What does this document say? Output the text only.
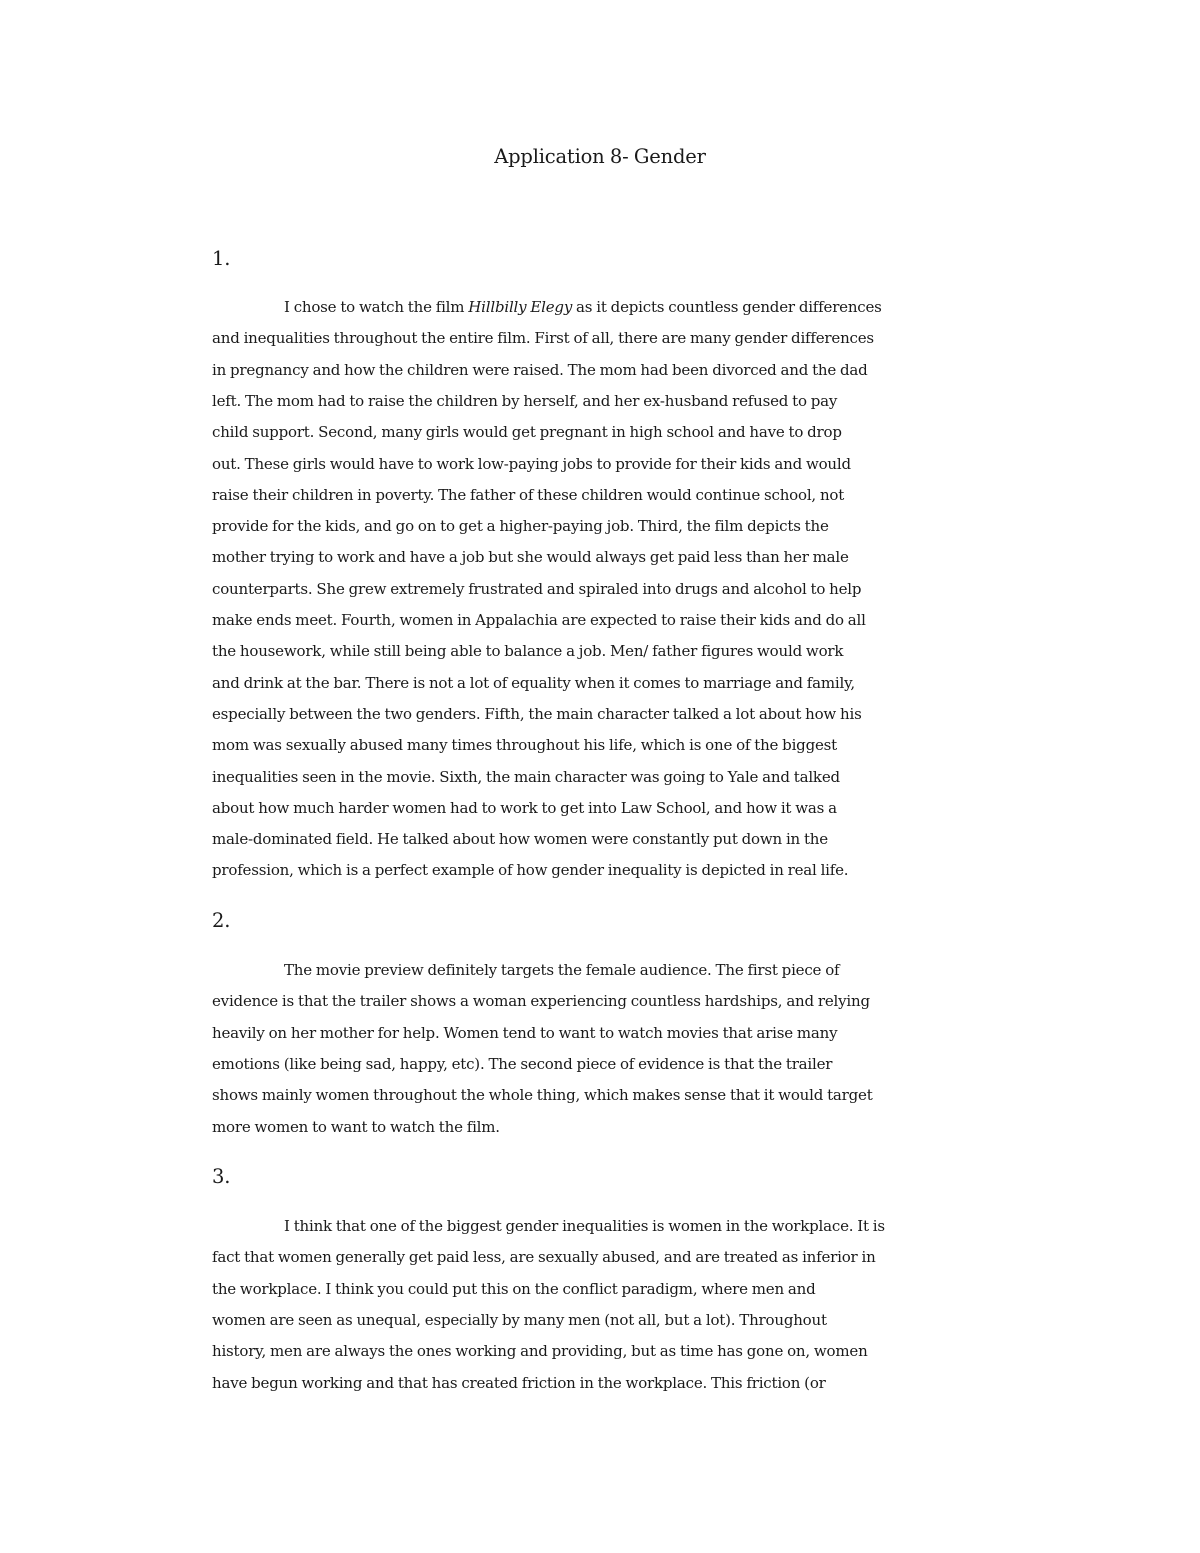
Application 8- Gender
1.
I chose to watch the film Hillbilly Elegy as it depicts countless gender differences
and inequalities throughout the entire film. First of all, there are many gender differences
in pregnancy and how the children were raised. The mom had been divorced and the dad
left. The mom had to raise the children by herself, and her ex-husband refused to pay
child support. Second, many girls would get pregnant in high school and have to drop
out. These girls would have to work low-paying jobs to provide for their kids and would
raise their children in poverty. The father of these children would continue school, not
provide for the kids, and go on to get a higher-paying job. Third, the film depicts the
mother trying to work and have a job but she would always get paid less than her male
counterparts. She grew extremely frustrated and spiraled into drugs and alcohol to help
make ends meet. Fourth, women in Appalachia are expected to raise their kids and do all
the housework, while still being able to balance a job. Men/ father figures would work
and drink at the bar. There is not a lot of equality when it comes to marriage and family,
especially between the two genders. Fifth, the main character talked a lot about how his
mom was sexually abused many times throughout his life, which is one of the biggest
inequalities seen in the movie. Sixth, the main character was going to Yale and talked
about how much harder women had to work to get into Law School, and how it was a
male-dominated field. He talked about how women were constantly put down in the
profession, which is a perfect example of how gender inequality is depicted in real life.
2.
The movie preview definitely targets the female audience. The first piece of
evidence is that the trailer shows a woman experiencing countless hardships, and relying
heavily on her mother for help. Women tend to want to watch movies that arise many
emotions (like being sad, happy, etc). The second piece of evidence is that the trailer
shows mainly women throughout the whole thing, which makes sense that it would target
more women to want to watch the film.
3.
I think that one of the biggest gender inequalities is women in the workplace. It is
fact that women generally get paid less, are sexually abused, and are treated as inferior in
the workplace. I think you could put this on the conflict paradigm, where men and
women are seen as unequal, especially by many men (not all, but a lot). Throughout
history, men are always the ones working and providing, but as time has gone on, women
have begun working and that has created friction in the workplace. This friction (or
